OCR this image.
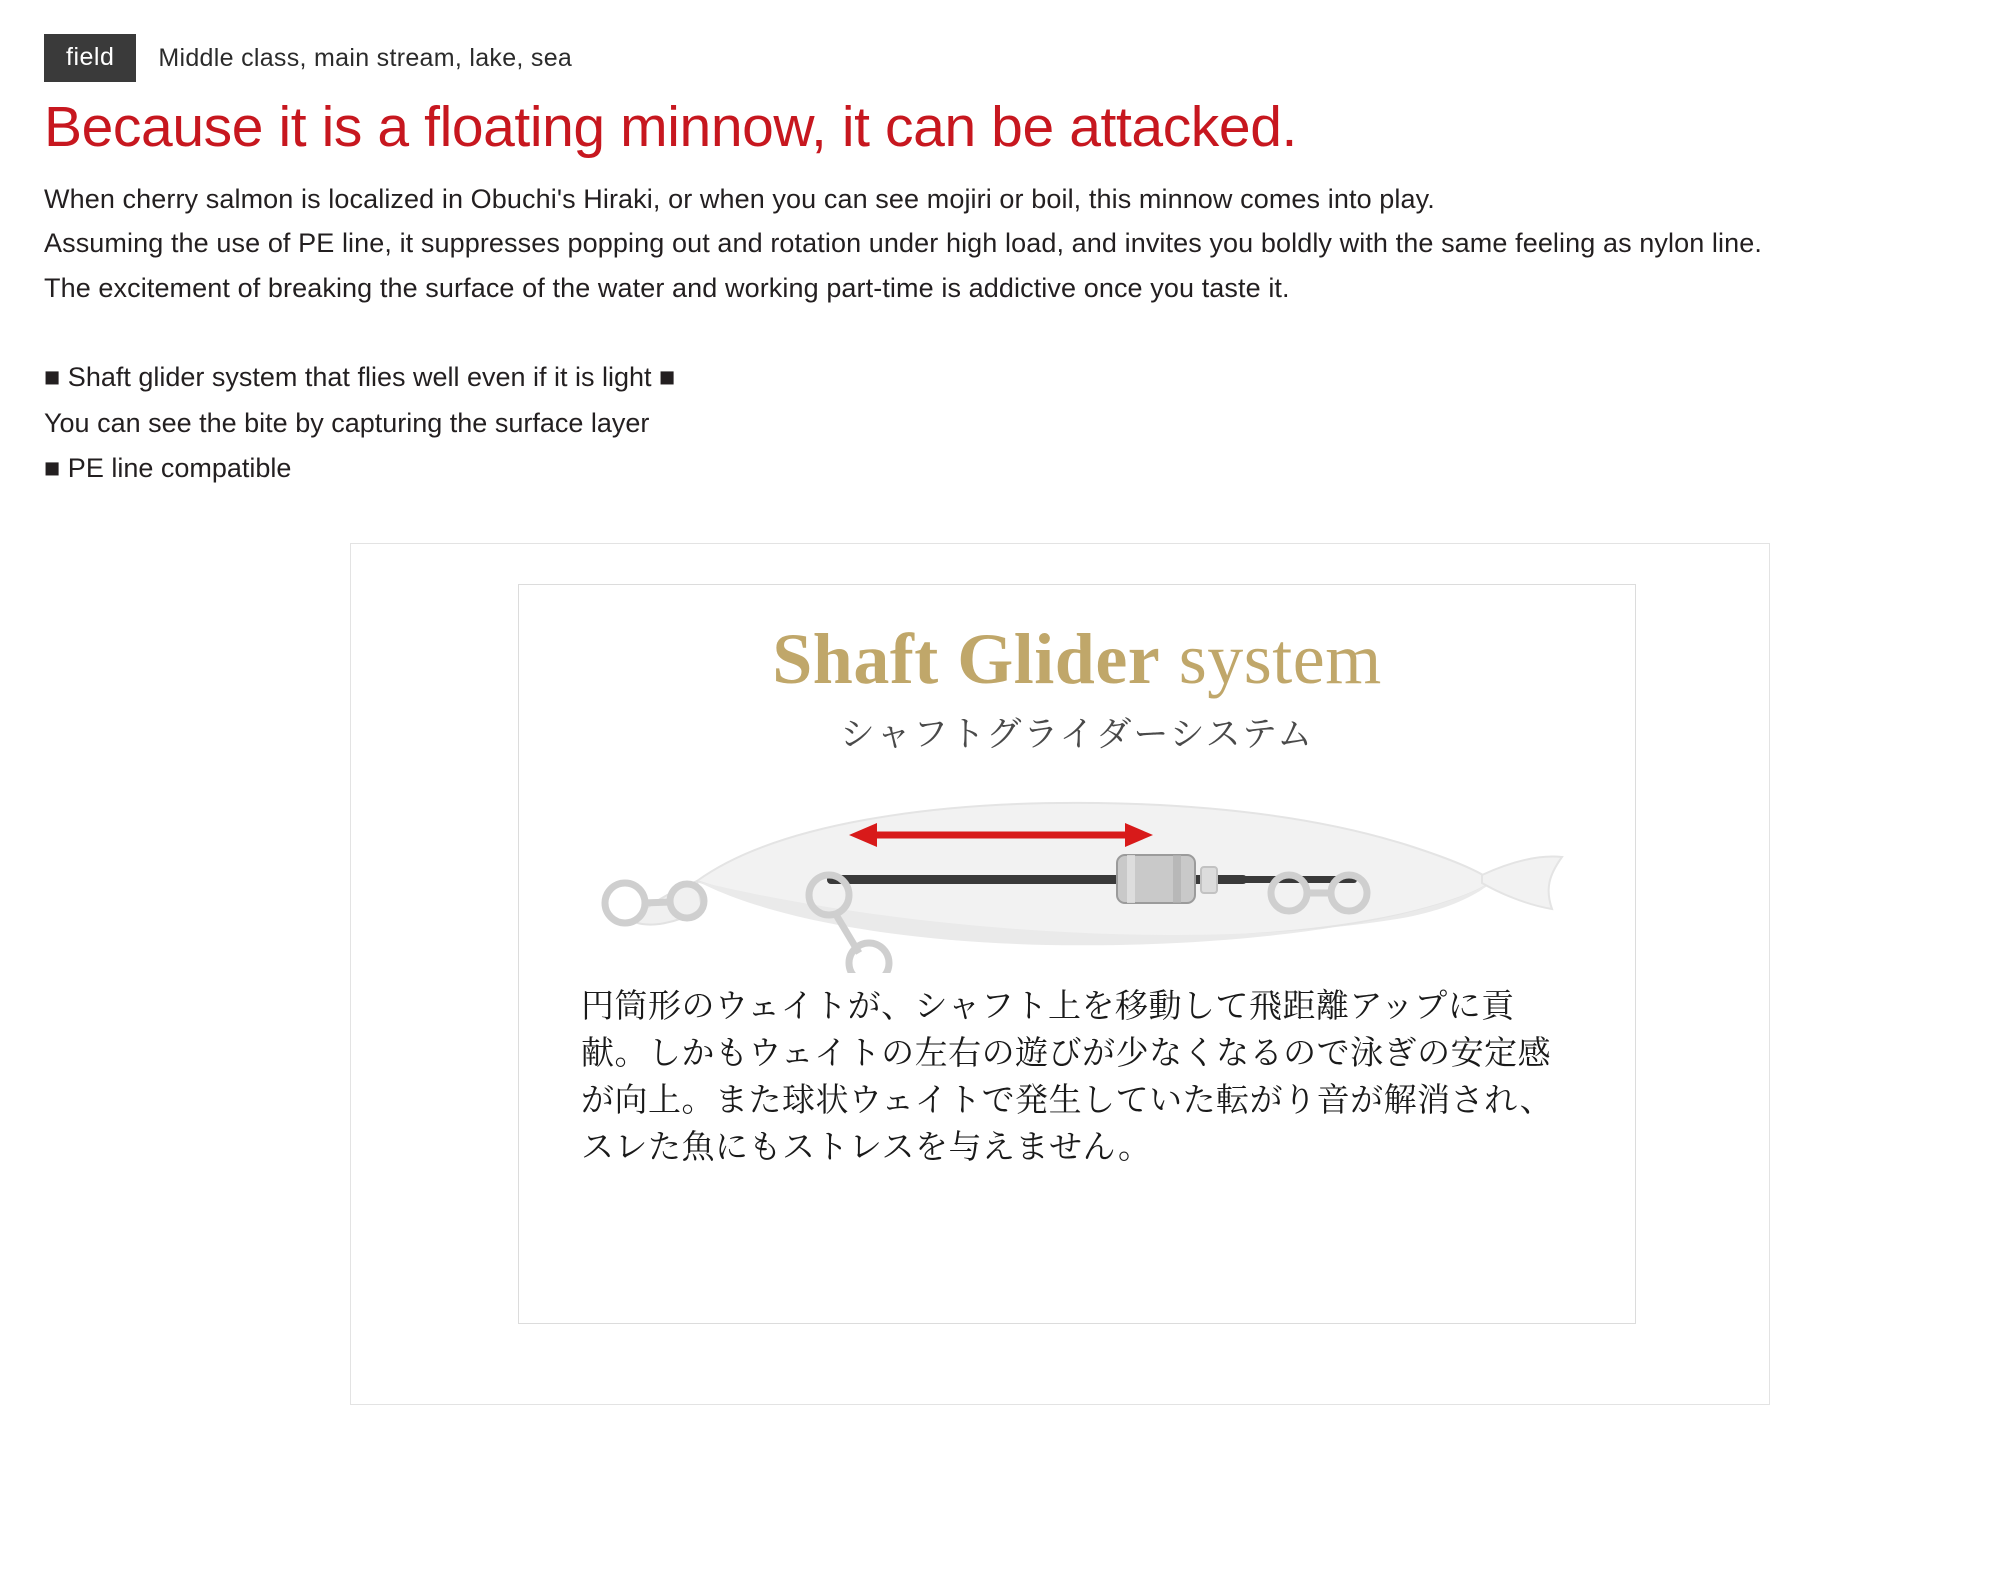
field	Middle class, main stream, lake, sea
Because it is a floating minnow, it can be attacked.

When cherry salmon is localized in Obuchi's Hiraki, or when you can see mojiri or boil, this minnow comes into play.

Assuming the use of PE line, it suppresses popping out and rotation under high load, and invites you boldly with the same feeling as nylon line.

The excitement of breaking the surface of the water and working part-time is addictive once you taste it.

■ Shaft glider system that flies well even if it is light ■

You can see the bite by capturing the surface layer

■ PE line compatible

Shaft Glider system
シャフトグライダーシステム

円筒形のウェイトが、シャフト上を移動して飛距離アップに貢献。しかもウェイトの左右の遊びが少なくなるので泳ぎの安定感が向上。また球状ウェイトで発生していた転がり音が解消され、スレた魚にもストレスを与えません。
